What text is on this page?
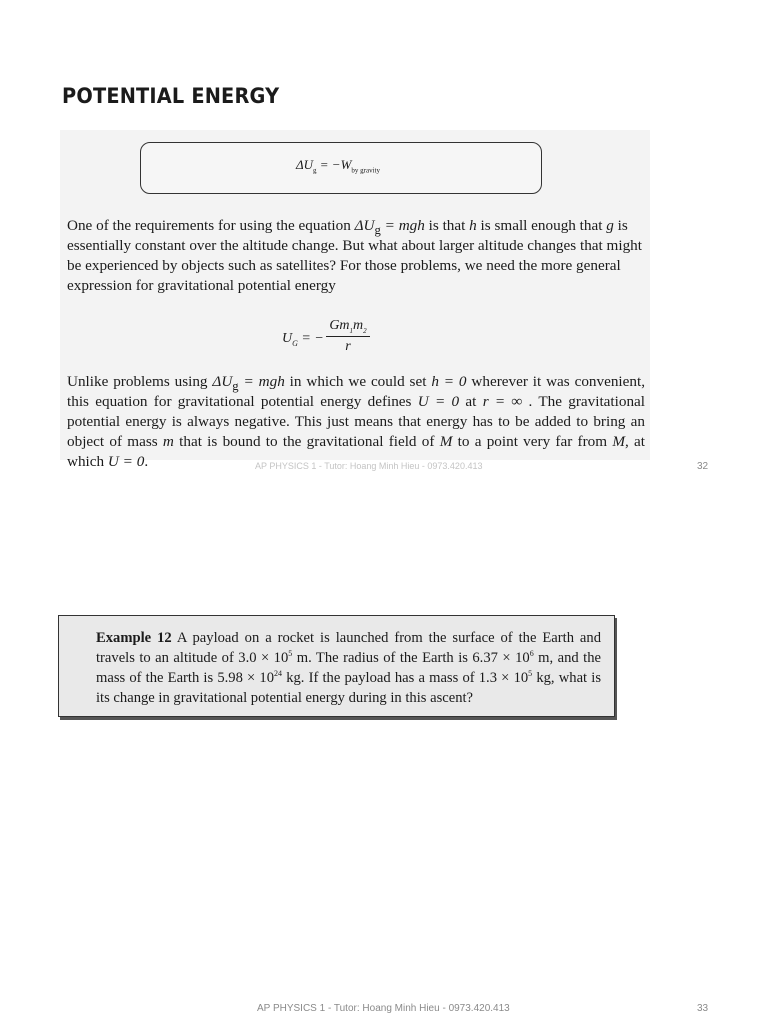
POTENTIAL ENERGY
$\Delta U_g = -W_{by gravity}$

One of the requirements for using the equation $\Delta U_g$ = mgh is that h is small enough that g is essentially constant over the altitude change. But what about larger altitude changes that might be experienced by objects such as satellites? For those problems, we need the more general expression for gravitational potential energy

$U_G$ = − $\frac{Gm_1m_2}{r}$

Unlike problems using $\Delta U_g$ = mgh in which we could set h = 0 wherever it was convenient, this equation for gravitational potential energy defines U = 0 at r = ∞ . The gravitational potential energy is always negative. This just means that energy has to be added to bring an object of mass m that is bound to the gravitational field of M to a point very far from M, at which U = 0.	AP PHYSICS 1 - Tutor: Hoang Minh Hieu - 0973.420.413	32

Example 12 A payload on a rocket is launched from the surface of the Earth and travels to an altitude of $3.0 \times 10^5$ m. The radius of the Earth is $6.37 \times 10^6$ m, and the mass of the Earth is $5.98 \times 10^{24}$ kg. If the payload has a mass of $1.3 \times 10^5$ kg, what is its change in gravitational potential energy during in this ascent?

AP PHYSICS 1 - Tutor: Hoang Minh Hieu - 0973.420.413	33
